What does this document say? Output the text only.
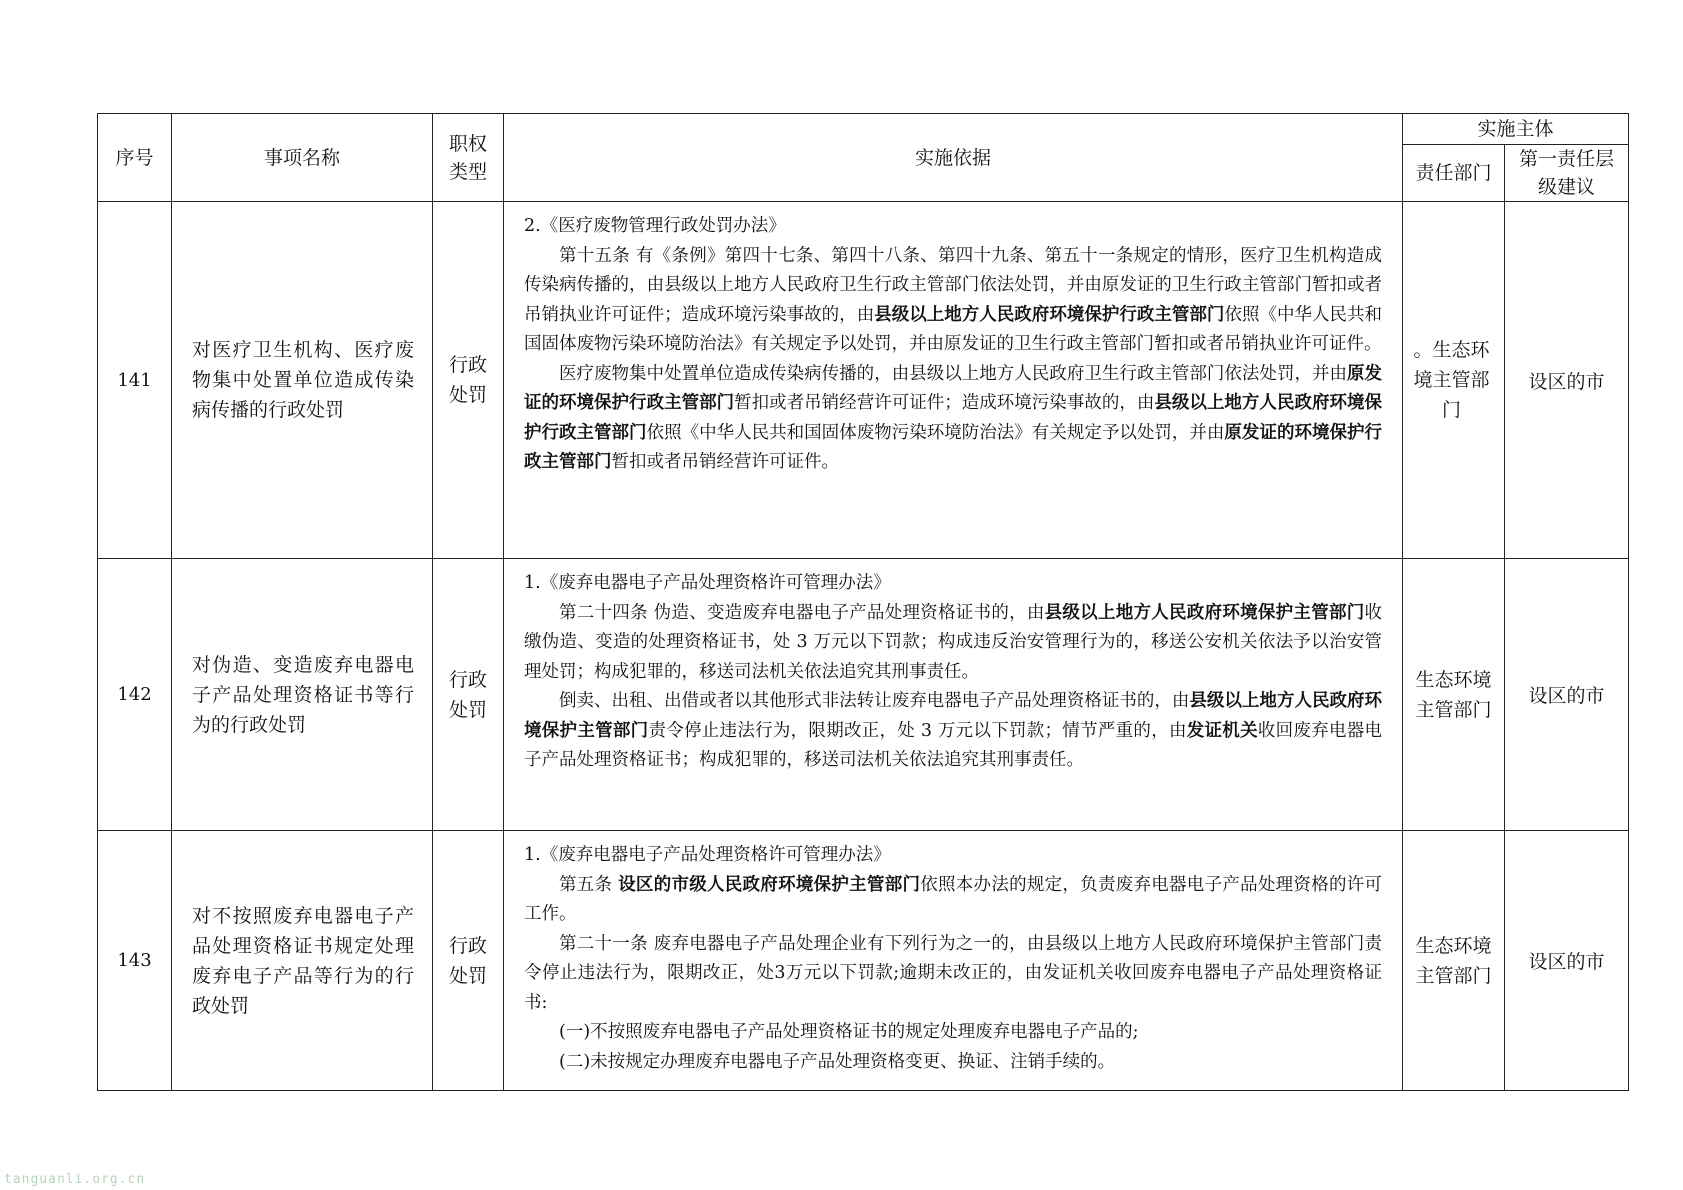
序号	事项名称	职权类型	实施依据	实施主体	
				责任部门	第一责任层级建议
141	对医疗卫生机构、医疗废物集中处置单位造成传染病传播的行政处罚	行政处罚	2.《医疗废物管理行政处罚办法》

第十五条 有《条例》第四十七条、第四十八条、第四十九条、第五十一条规定的情形，医疗卫生机构造成传染病传播的，由县级以上地方人民政府卫生行政主管部门依法处罚，并由原发证的卫生行政主管部门暂扣或者吊销执业许可证件；造成环境污染事故的，由县级以上地方人民政府环境保护行政主管部门依照《中华人民共和国固体废物污染环境防治法》有关规定予以处罚，并由原发证的卫生行政主管部门暂扣或者吊销执业许可证件。

医疗废物集中处置单位造成传染病传播的，由县级以上地方人民政府卫生行政主管部门依法处罚，并由原发证的环境保护行政主管部门暂扣或者吊销经营许可证件；造成环境污染事故的，由县级以上地方人民政府环境保护行政主管部门依照《中华人民共和国固体废物污染环境防治法》有关规定予以处罚，并由原发证的环境保护行政主管部门暂扣或者吊销经营许可证件。	。生态环境主管部门	设区的市
142	对伪造、变造废弃电器电子产品处理资格证书等行为的行政处罚	行政处罚	1.《废弃电器电子产品处理资格许可管理办法》

第二十四条 伪造、变造废弃电器电子产品处理资格证书的，由县级以上地方人民政府环境保护主管部门收缴伪造、变造的处理资格证书，处 3 万元以下罚款；构成违反治安管理行为的，移送公安机关依法予以治安管理处罚；构成犯罪的，移送司法机关依法追究其刑事责任。

倒卖、出租、出借或者以其他形式非法转让废弃电器电子产品处理资格证书的，由县级以上地方人民政府环境保护主管部门责令停止违法行为，限期改正，处 3 万元以下罚款；情节严重的，由发证机关收回废弃电器电子产品处理资格证书；构成犯罪的，移送司法机关依法追究其刑事责任。	生态环境主管部门	设区的市
143	对不按照废弃电器电子产品处理资格证书规定处理废弃电子产品等行为的行政处罚	行政处罚	1.《废弃电器电子产品处理资格许可管理办法》

第五条 设区的市级人民政府环境保护主管部门依照本办法的规定，负责废弃电器电子产品处理资格的许可工作。

第二十一条 废弃电器电子产品处理企业有下列行为之一的，由县级以上地方人民政府环境保护主管部门责令停止违法行为，限期改正，处3万元以下罚款;逾期未改正的，由发证机关收回废弃电器电子产品处理资格证书:

(一)不按照废弃电器电子产品处理资格证书的规定处理废弃电器电子产品的;

(二)未按规定办理废弃电器电子产品处理资格变更、换证、注销手续的。	生态环境主管部门	设区的市
tanguanli.org.cn
